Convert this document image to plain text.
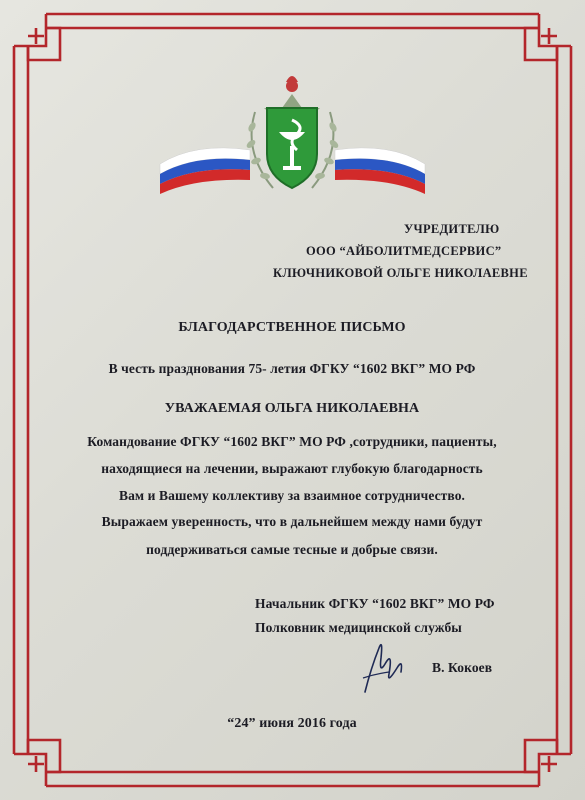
УЧРЕДИТЕЛЮ
ООО “АЙБОЛИТМЕДСЕРВИС”
КЛЮЧНИКОВОЙ ОЛЬГЕ НИКОЛАЕВНЕ
БЛАГОДАРСТВЕННОЕ ПИСЬМО
В честь празднования 75- летия ФГКУ “1602 ВКГ” МО РФ
УВАЖАЕМАЯ ОЛЬГА НИКОЛАЕВНА
Командование ФГКУ “1602 ВКГ” МО РФ ,сотрудники, пациенты,
находящиеся на лечении, выражают глубокую благодарность
Вам и Вашему коллективу за взаимное сотрудничество.
Выражаем уверенность, что в дальнейшем между нами будут
поддерживаться самые тесные и добрые связи.
Начальник ФГКУ “1602 ВКГ” МО РФ
Полковник медицинской службы
В. Кокоев
“24” июня 2016 года
